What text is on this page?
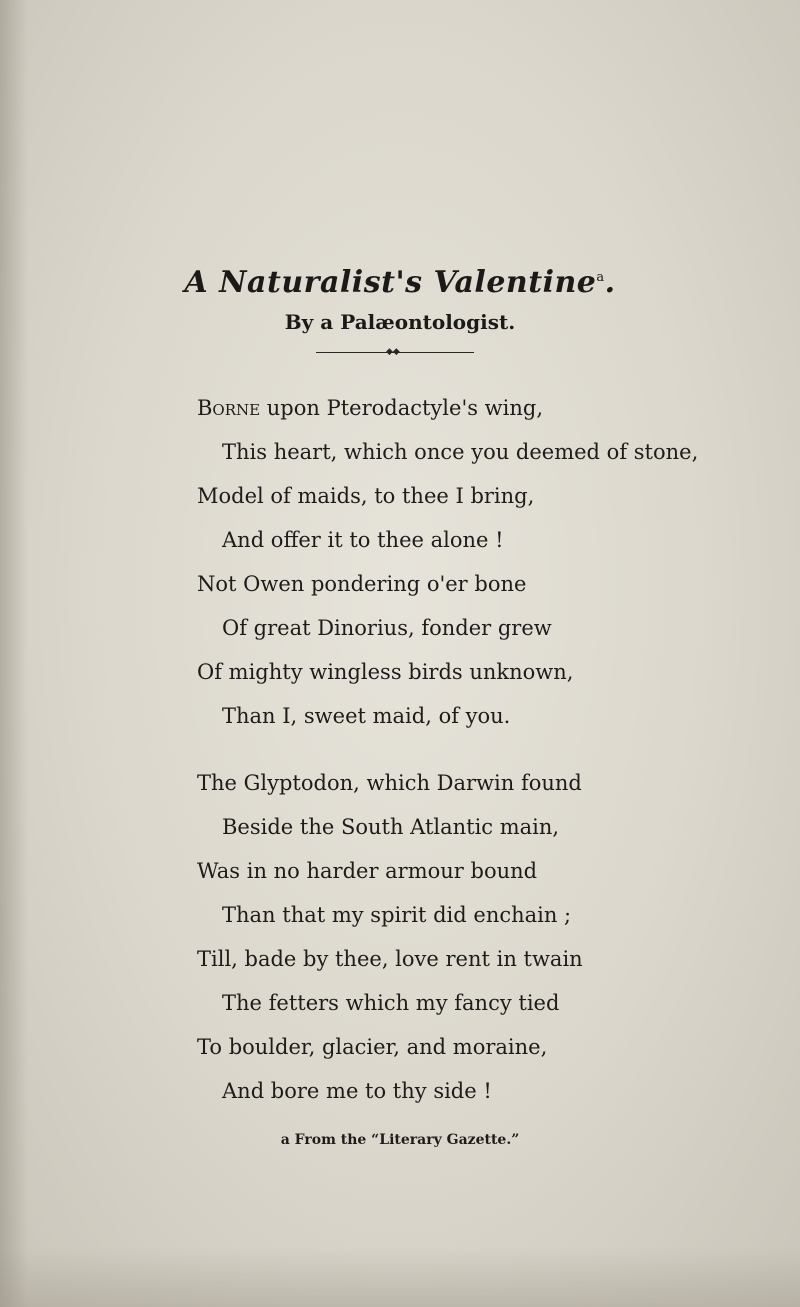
A Naturalist's Valentine$^a$.
By a Palæontologist.
◆◆
Borne upon Pterodactyle's wing,
This heart, which once you deemed of stone,
Model of maids, to thee I bring,
And offer it to thee alone !
Not Owen pondering o'er bone
Of great Dinorius, fonder grew
Of mighty wingless birds unknown,
Than I, sweet maid, of you.
The Glyptodon, which Darwin found
Beside the South Atlantic main,
Was in no harder armour bound
Than that my spirit did enchain ;
Till, bade by thee, love rent in twain
The fetters which my fancy tied
To boulder, glacier, and moraine,
And bore me to thy side !
a From the “Literary Gazette.”
